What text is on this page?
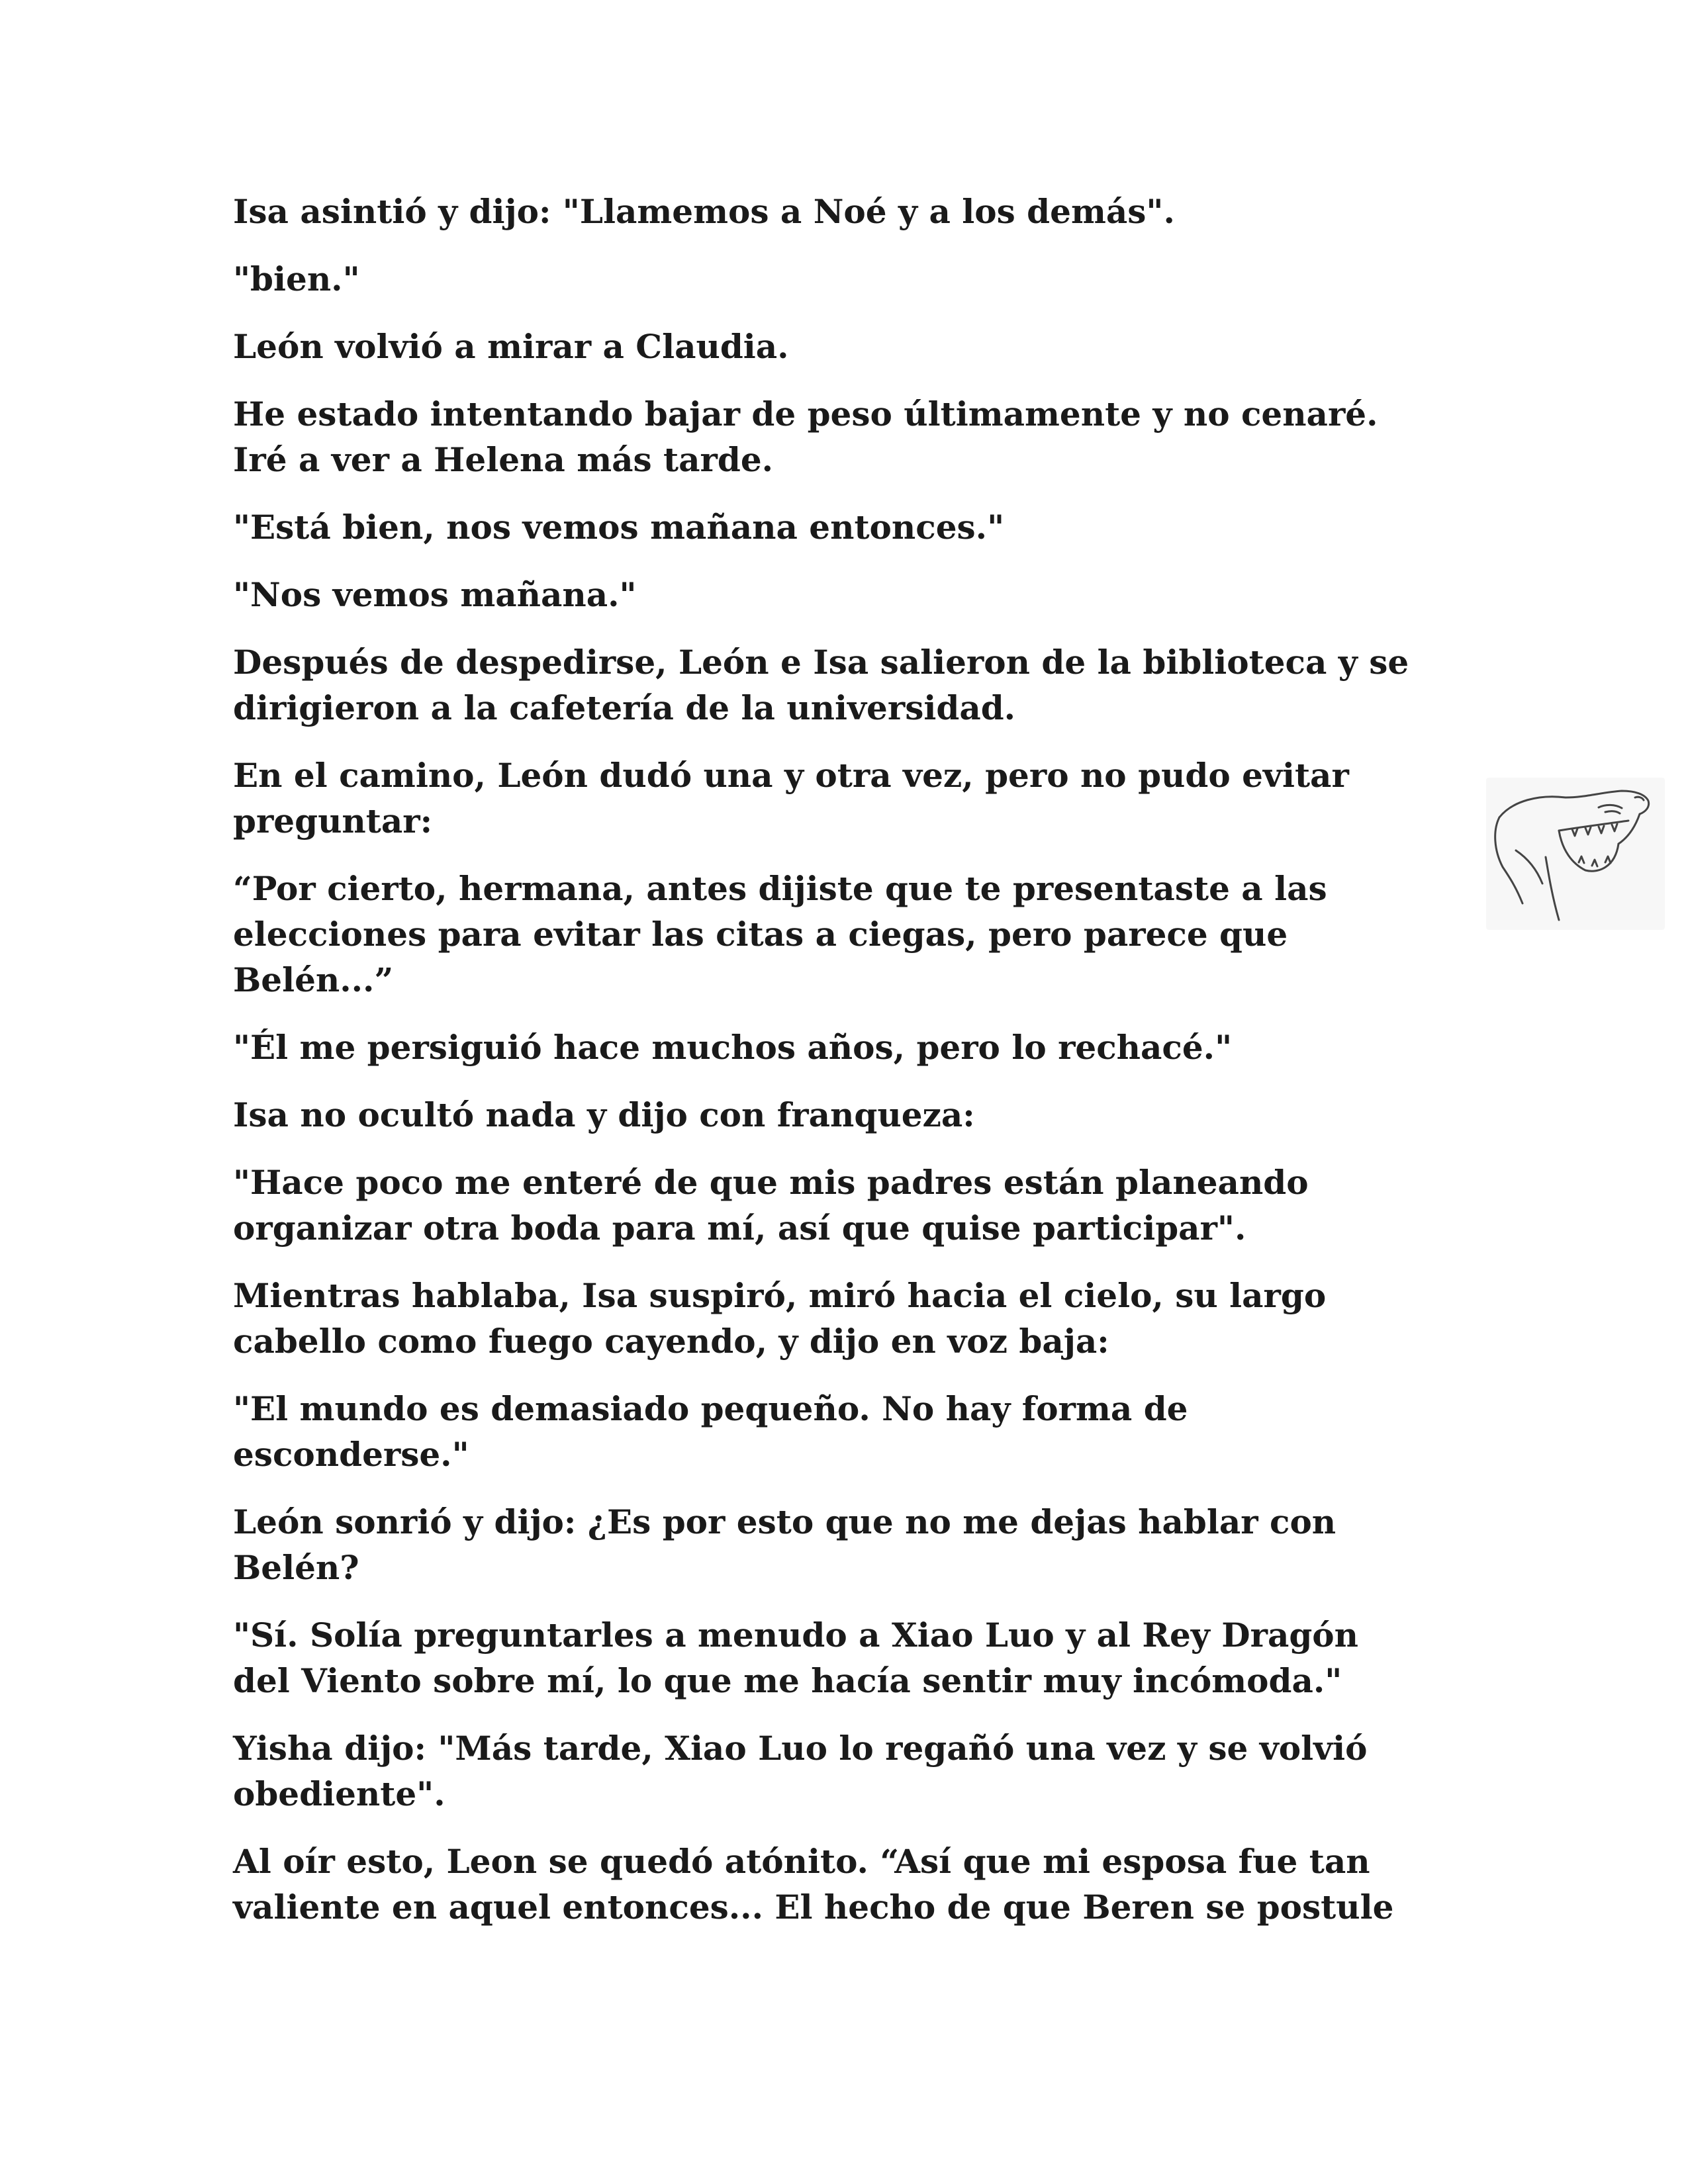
Isa asintió y dijo: "Llamemos a Noé y a los demás".

"bien."

León volvió a mirar a Claudia.

He estado intentando bajar de peso últimamente y no cenaré.
Iré a ver a Helena más tarde.

"Está bien, nos vemos mañana entonces."

"Nos vemos mañana."

Después de despedirse, León e Isa salieron de la biblioteca y se
dirigieron a la cafetería de la universidad.

En el camino, León dudó una y otra vez, pero no pudo evitar
preguntar:

“Por cierto, hermana, antes dijiste que te presentaste a las
elecciones para evitar las citas a ciegas, pero parece que
Belén...”

"Él me persiguió hace muchos años, pero lo rechacé."

Isa no ocultó nada y dijo con franqueza:

"Hace poco me enteré de que mis padres están planeando
organizar otra boda para mí, así que quise participar".

Mientras hablaba, Isa suspiró, miró hacia el cielo, su largo
cabello como fuego cayendo, y dijo en voz baja:

"El mundo es demasiado pequeño. No hay forma de
esconderse."

León sonrió y dijo: ¿Es por esto que no me dejas hablar con
Belén?

"Sí. Solía preguntarles a menudo a Xiao Luo y al Rey Dragón
del Viento sobre mí, lo que me hacía sentir muy incómoda."

Yisha dijo: "Más tarde, Xiao Luo lo regañó una vez y se volvió
obediente".

Al oír esto, Leon se quedó atónito. “Así que mi esposa fue tan
valiente en aquel entonces... El hecho de que Beren se postule
